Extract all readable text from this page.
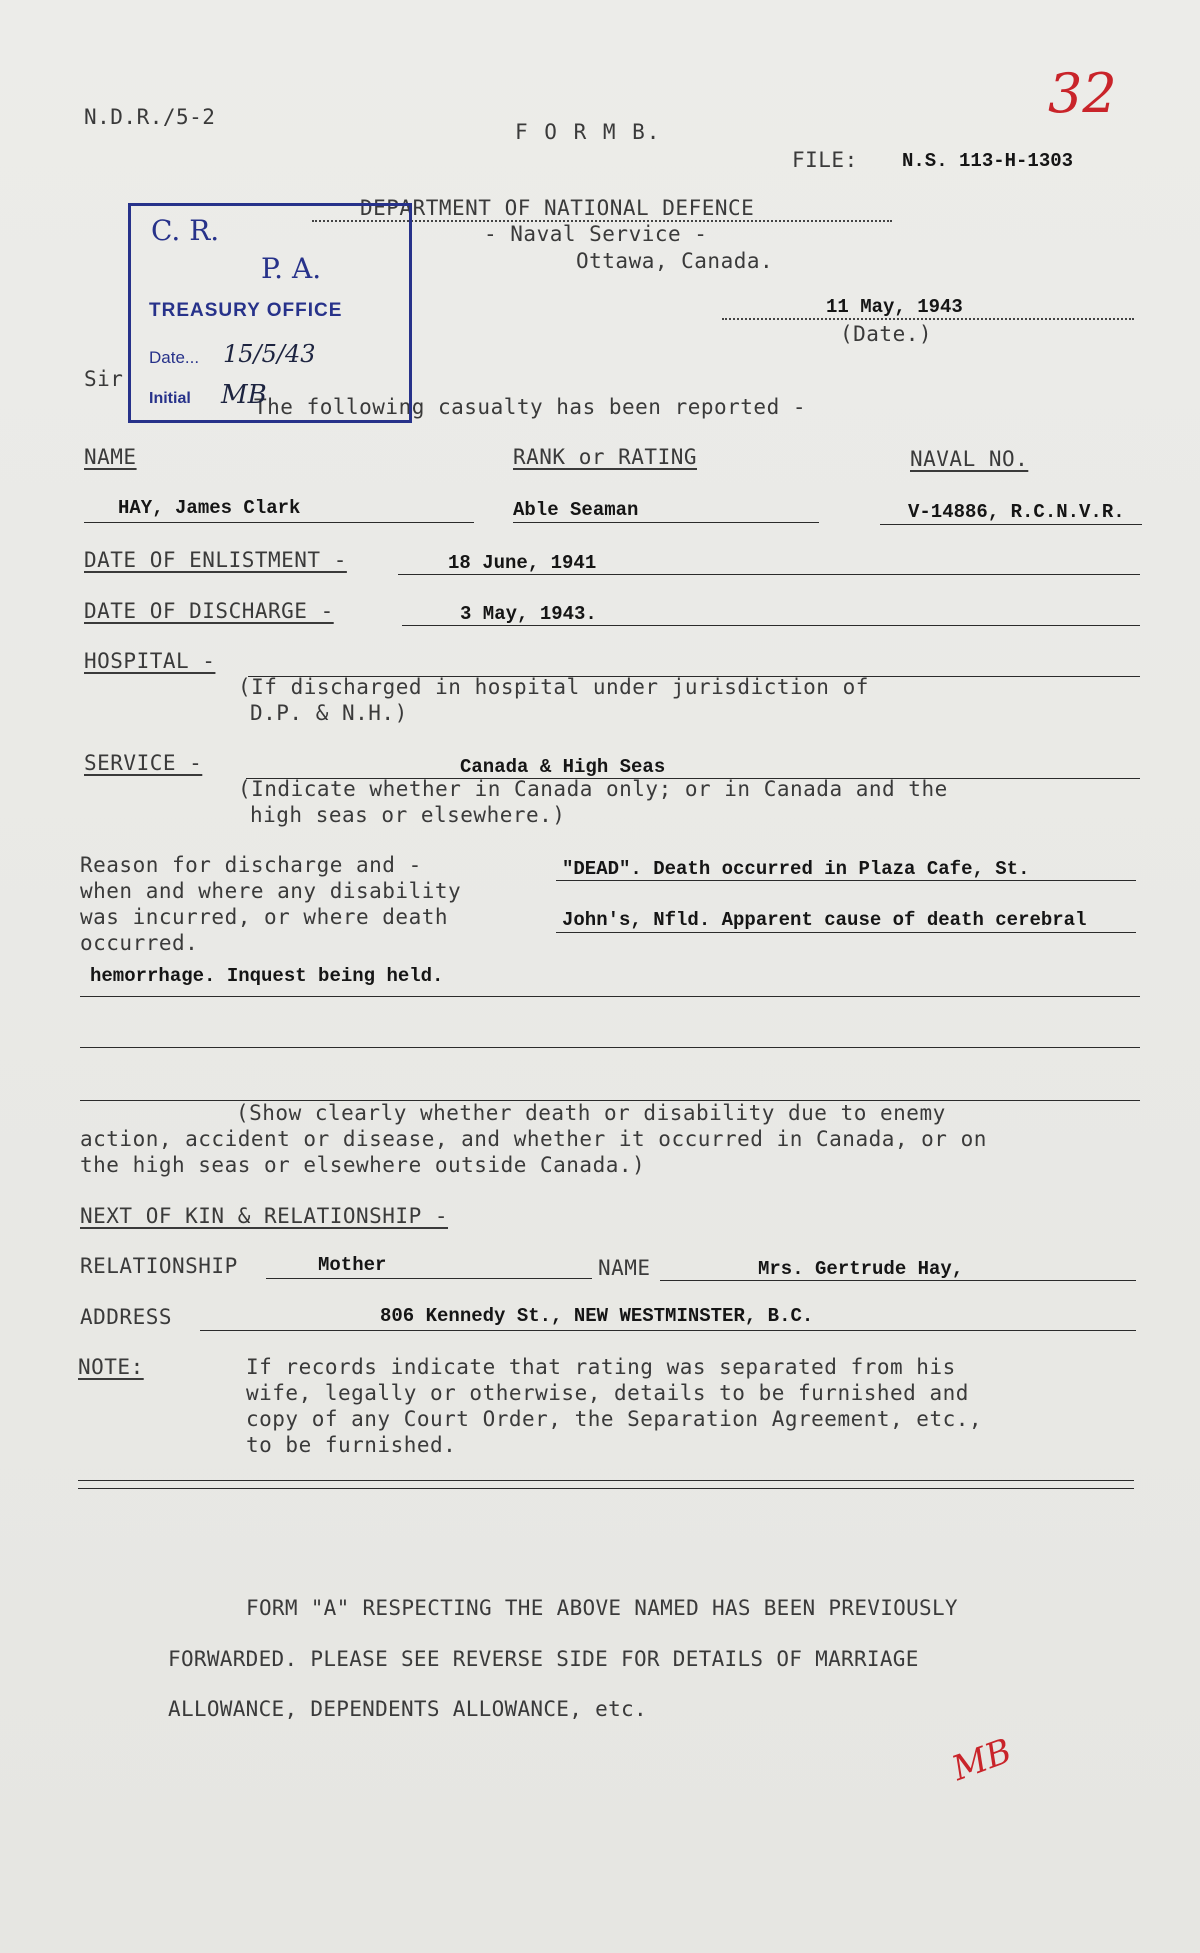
N.D.R./5-2	32
F O R M B.
FILE: N.S. 113-H-1303
DEPARTMENT OF NATIONAL DEFENCE
- Naval Service -
Ottawa, Canada.
11 May, 1943
(Date.)
Sir:
The following casualty has been reported -
C. R.
P. A.
TREASURY OFFICE
Date... 15/5/43
Initial MB
NAME	RANK or RATING	NAVAL NO.
HAY, James Clark	Able Seaman	V-14886, R.C.N.V.R.
DATE OF ENLISTMENT -	18 June, 1941
DATE OF DISCHARGE -	3 May, 1943.
HOSPITAL -
(If discharged in hospital under jurisdiction of
D.P. & N.H.)
SERVICE -	Canada & High Seas
(Indicate whether in Canada only; or in Canada and the
high seas or elsewhere.)
Reason for discharge and -
when and where any disability
was incurred, or where death
occurred.
"DEAD". Death occurred in Plaza Cafe, St.
John's, Nfld. Apparent cause of death cerebral
hemorrhage. Inquest being held.
(Show clearly whether death or disability due to enemy
action, accident or disease, and whether it occurred in Canada, or on
the high seas or elsewhere outside Canada.)
NEXT OF KIN & RELATIONSHIP -
RELATIONSHIP	Mother	NAME	Mrs. Gertrude Hay,
ADDRESS	806 Kennedy St., NEW WESTMINSTER, B.C.
NOTE:	If records indicate that rating was separated from his
wife, legally or otherwise, details to be furnished and
copy of any Court Order, the Separation Agreement, etc.,
to be furnished.
FORM "A" RESPECTING THE ABOVE NAMED HAS BEEN PREVIOUSLY
FORWARDED. PLEASE SEE REVERSE SIDE FOR DETAILS OF MARRIAGE
ALLOWANCE, DEPENDENTS ALLOWANCE, etc.
MB
